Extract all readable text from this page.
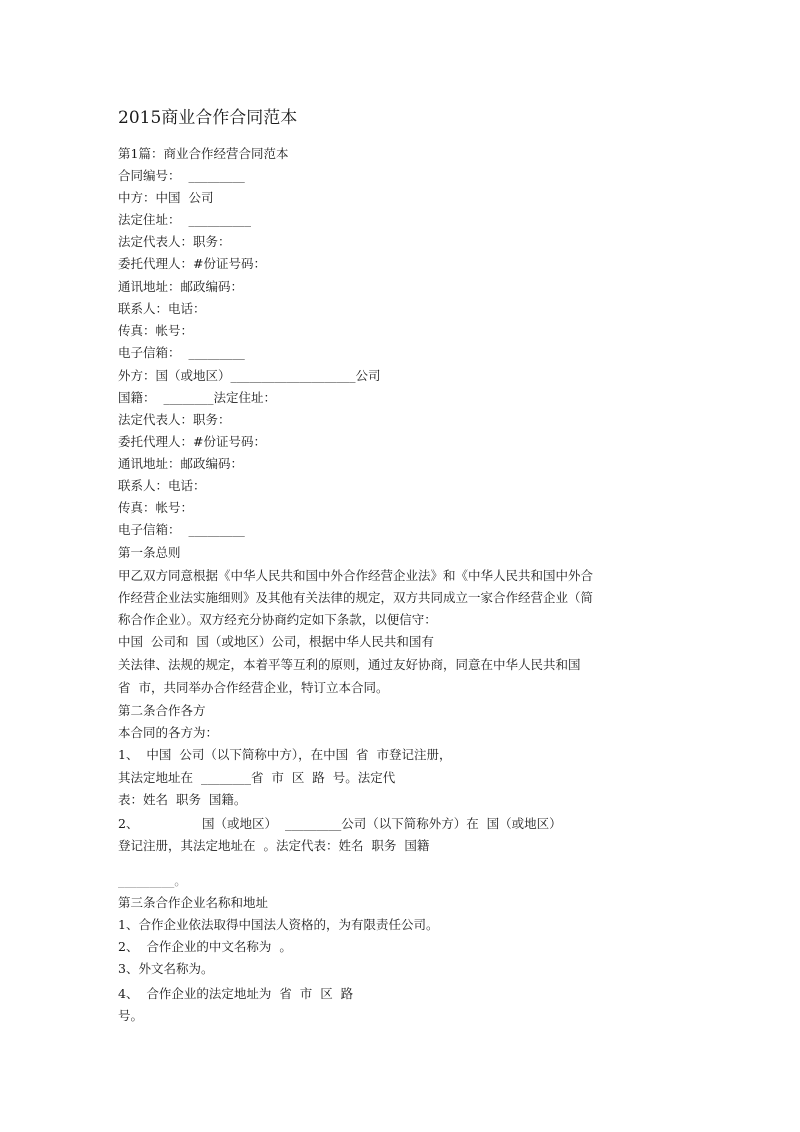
2015商业合作合同范本
第1篇：商业合作经营合同范本
合同编号：  _________
中方：中国  公司
法定住址：  __________
法定代表人：职务：
委托代理人：#份证号码：
通讯地址：邮政编码：
联系人：电话：
传真：帐号：
电子信箱：  _________
外方：国（或地区）____________________公司
国籍：  ________法定住址：
法定代表人：职务：
委托代理人：#份证号码：
通讯地址：邮政编码：
联系人：电话：
传真：帐号：
电子信箱：  _________
第一条总则
甲乙双方同意根据《中华人民共和国中外合作经营企业法》和《中华人民共和国中外合
作经营企业法实施细则》及其他有关法律的规定，双方共同成立一家合作经营企业（简
称合作企业）。双方经充分协商约定如下条款，以便信守：
中国  公司和  国（或地区）公司，根据中华人民共和国有
关法律、法规的规定，本着平等互利的原则，通过友好协商，同意在中华人民共和国
省  市，共同举办合作经营企业，特订立本合同。
第二条合作各方
本合同的各方为：
1、  中国  公司（以下简称中方），在中国  省  市登记注册，
其法定地址在  ________省  市  区  路  号。法定代
表：姓名  职务  国籍。
2、                国（或地区）  _________公司（以下简称外方）在  国（或地区）
登记注册，其法定地址在  。法定代表：姓名  职务  国籍
_________。
第三条合作企业名称和地址
1、合作企业依法取得中国法人资格的，为有限责任公司。
2、  合作企业的中文名称为  。
3、外文名称为。
4、  合作企业的法定地址为  省  市  区  路
号。
